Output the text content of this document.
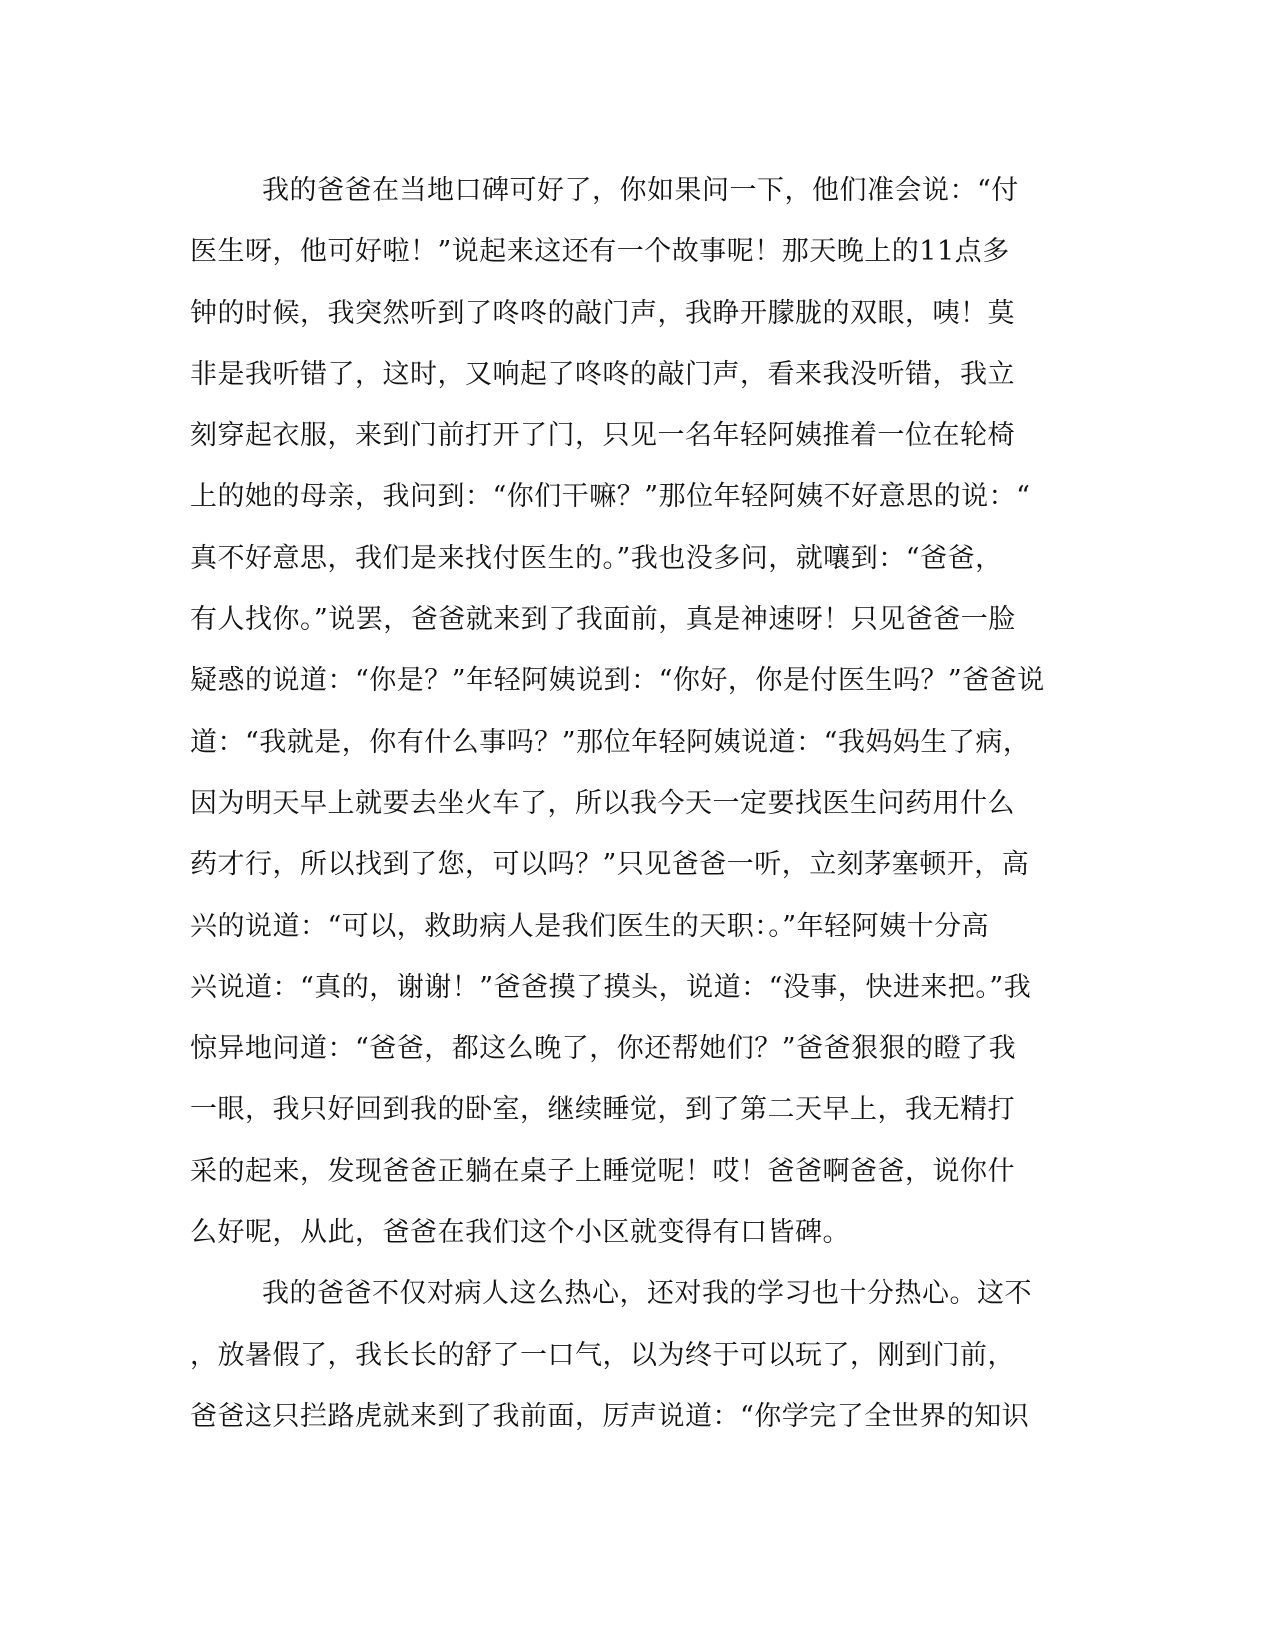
我的爸爸在当地口碑可好了，你如果问一下，他们准会说：“付
医生呀，他可好啦！”说起来这还有一个故事呢！那天晚上的11点多
钟的时候，我突然听到了咚咚的敲门声，我睁开朦胧的双眼，咦！莫
非是我听错了，这时，又响起了咚咚的敲门声，看来我没听错，我立
刻穿起衣服，来到门前打开了门，只见一名年轻阿姨推着一位在轮椅
上的她的母亲，我问到：“你们干嘛？”那位年轻阿姨不好意思的说：“
真不好意思，我们是来找付医生的。”我也没多问，就嚷到：“爸爸，
有人找你。”说罢，爸爸就来到了我面前，真是神速呀！只见爸爸一脸
疑惑的说道：“你是？”年轻阿姨说到：“你好，你是付医生吗？”爸爸说
道：“我就是，你有什么事吗？”那位年轻阿姨说道：“我妈妈生了病，
因为明天早上就要去坐火车了，所以我今天一定要找医生问药用什么
药才行，所以找到了您，可以吗？”只见爸爸一听，立刻茅塞顿开，高
兴的说道：“可以，救助病人是我们医生的天职：。”年轻阿姨十分高
兴说道：“真的，谢谢！”爸爸摸了摸头，说道：“没事，快进来把。”我
惊异地问道：“爸爸，都这么晚了，你还帮她们？”爸爸狠狠的瞪了我
一眼，我只好回到我的卧室，继续睡觉，到了第二天早上，我无精打
采的起来，发现爸爸正躺在桌子上睡觉呢！哎！爸爸啊爸爸，说你什
么好呢，从此，爸爸在我们这个小区就变得有口皆碑。
我的爸爸不仅对病人这么热心，还对我的学习也十分热心。这不
，放暑假了，我长长的舒了一口气，以为终于可以玩了，刚到门前，
爸爸这只拦路虎就来到了我前面，厉声说道：“你学完了全世界的知识
